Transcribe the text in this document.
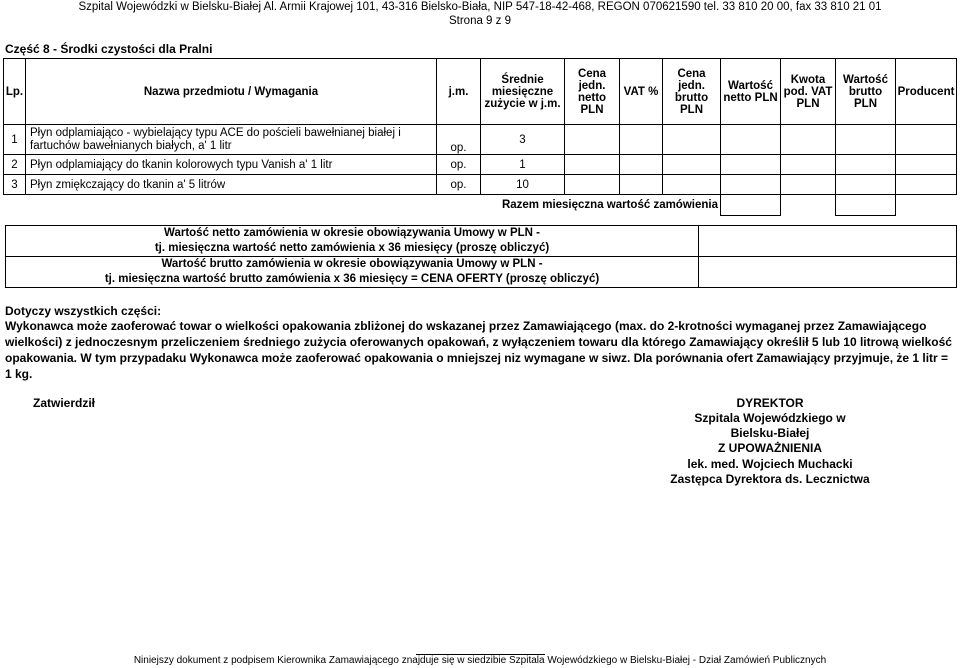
Szpital Wojewódzki w Bielsku-Białej Al. Armii Krajowej 101, 43-316 Bielsko-Biała, NIP 547-18-42-468, REGON 070621590 tel. 33 810 20 00, fax 33 810 21 01
Strona 9 z 9
Część 8 - Środki czystości dla Pralni
Lp.	Nazwa przedmiotu / Wymagania	j.m.	Średnie miesięczne zużycie w j.m.	Cena jedn. netto PLN	VAT %	Cena jedn. brutto PLN	Wartość netto PLN	Kwota pod. VAT PLN	Wartość brutto PLN	Producent
1	Płyn odplamiająco - wybielający typu ACE do pościeli bawełnianej białej i fartuchów bawełnianych białych, a' 1 litr	op.	3							
2	Płyn odplamiający do tkanin kolorowych typu Vanish a' 1 litr	op.	1							
3	Płyn zmiękczający do tkanin a' 5 litrów	op.	10							
Razem miesięczna wartość zamówienia										
Wartość netto zamówienia w okresie obowiązywania Umowy w PLN -
tj. miesięczna wartość netto zamówienia x 36 miesięcy (proszę obliczyć)	
Wartość brutto zamówienia w okresie obowiązywania Umowy w PLN -
tj. miesięczna wartość brutto zamówienia x 36 miesięcy = CENA OFERTY (proszę obliczyć)	
Dotyczy wszystkich części:
Wykonawca może zaoferować towar o wielkości opakowania zbliżonej do wskazanej przez Zamawiającego (max. do 2-krotności wymaganej przez Zamawiającego wielkości) z jednoczesnym przeliczeniem średniego zużycia oferowanych opakowań, z wyłączeniem towaru dla którego Zamawiający określił 5 lub 10 litrową wielkość opakowania. W tym przypadaku Wykonawca może zaoferować opakowania o mniejszej niz wymagane w siwz. Dla porównania ofert Zamawiający przyjmuje, że 1 litr = 1 kg.
Zatwierdził	DYREKTOR
Szpitala Wojewódzkiego w Bielsku-Białej
Z UPOWAŻNIENIA
lek. med. Wojciech Muchacki
Zastępca Dyrektora ds. Lecznictwa
Niniejszy dokument z podpisem Kierownika Zamawiającego znajduje się w siedzibie Szpitala Wojewódzkiego w Bielsku-Białej - Dział Zamówień Publicznych
